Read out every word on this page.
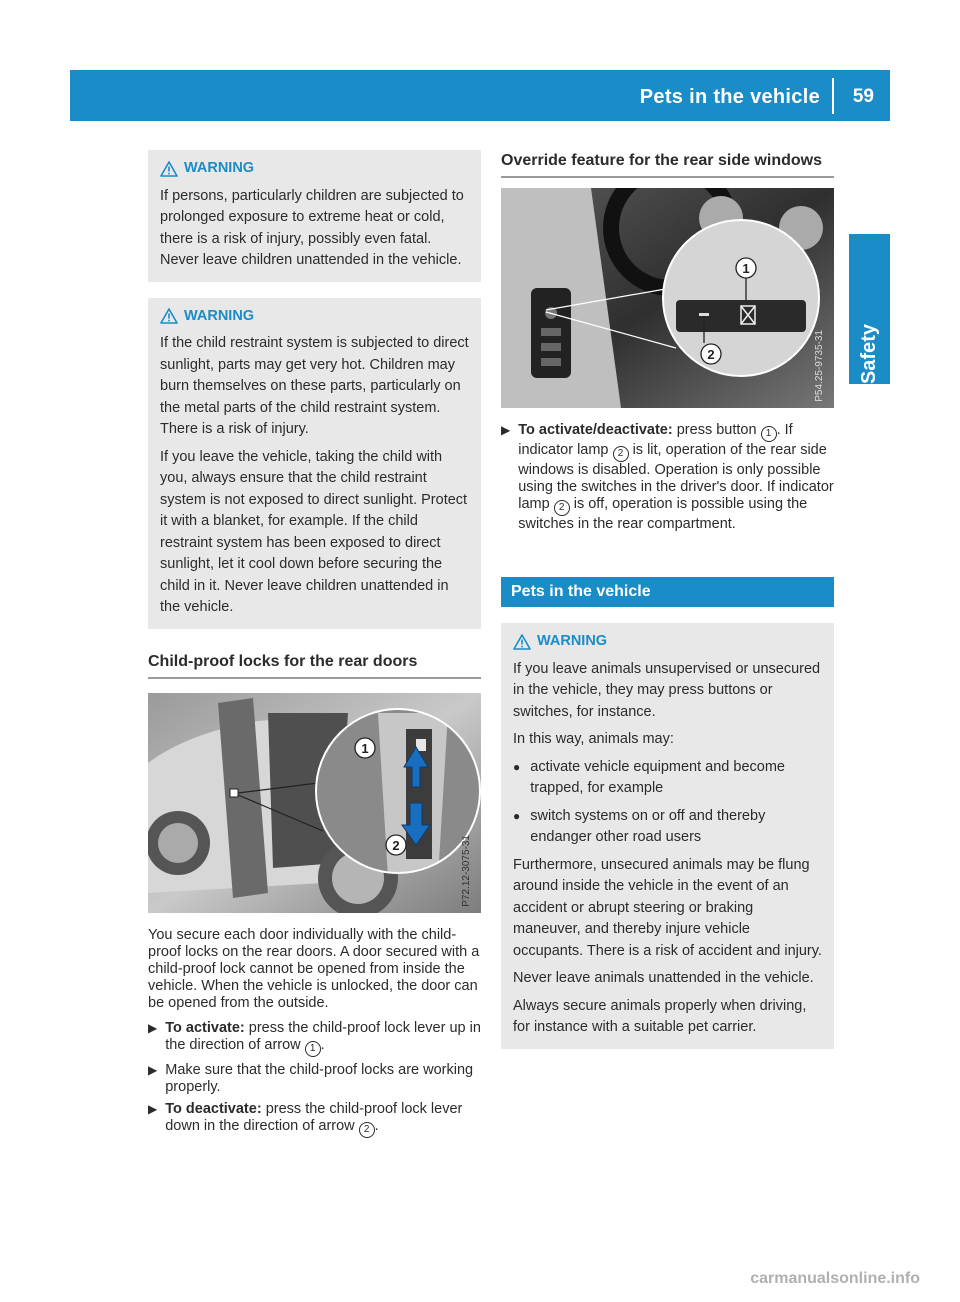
Pets in the vehicle 59
Safety
WARNING

If persons, particularly children are subjected to prolonged exposure to extreme heat or cold, there is a risk of injury, possibly even fatal. Never leave children unattended in the vehicle.

WARNING

If the child restraint system is subjected to direct sunlight, parts may get very hot. Children may burn themselves on these parts, particularly on the metal parts of the child restraint system. There is a risk of injury.

If you leave the vehicle, taking the child with you, always ensure that the child restraint system is not exposed to direct sunlight. Protect it with a blanket, for example. If the child restraint system has been exposed to direct sunlight, let it cool down before securing the child in it. Never leave children unattended in the vehicle.

Child-proof locks for the rear doors
1
2	P72.12-3075-31

You secure each door individually with the child-proof locks on the rear doors. A door secured with a child-proof lock cannot be opened from inside the vehicle. When the vehicle is unlocked, the door can be opened from the outside.

▶ To activate: press the child-proof lock lever up in the direction of arrow 1 .
▶ Make sure that the child-proof locks are working properly.
▶ To deactivate: press the child-proof lock lever down in the direction of arrow 2 .
Override feature for the rear side windows
1
2	P54.25-9735-31
▶ To activate/deactivate: press button 1 . If indicator lamp 2 is lit, operation of the rear side windows is disabled. Operation is only possible using the switches in the driver's door. If indicator lamp 2 is off, operation is possible using the switches in the rear compartment.
Pets in the vehicle
WARNING

If you leave animals unsupervised or unsecured in the vehicle, they may press buttons or switches, for instance.

In this way, animals may:

● activate vehicle equipment and become trapped, for example
● switch systems on or off and thereby endanger other road users

Furthermore, unsecured animals may be flung around inside the vehicle in the event of an accident or abrupt steering or braking maneuver, and thereby injure vehicle occupants. There is a risk of accident and injury.

Never leave animals unattended in the vehicle.

Always secure animals properly when driving, for instance with a suitable pet carrier.

carmanualsonline.info
